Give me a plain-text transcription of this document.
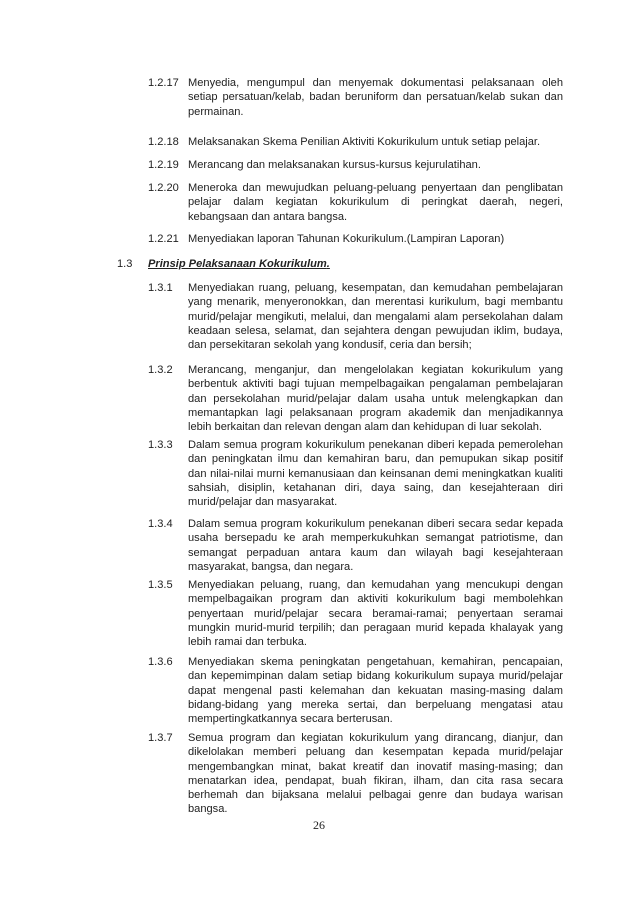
1.2.17 Menyedia, mengumpul dan menyemak dokumentasi pelaksanaan oleh setiap persatuan/kelab, badan beruniform dan persatuan/kelab sukan dan permainan.
1.2.18 Melaksanakan Skema Penilian Aktiviti Kokurikulum untuk setiap pelajar.
1.2.19 Merancang dan melaksanakan kursus-kursus kejurulatihan.
1.2.20 Meneroka dan mewujudkan peluang-peluang penyertaan dan penglibatan pelajar dalam kegiatan kokurikulum di peringkat daerah, negeri, kebangsaan dan antara bangsa.
1.2.21 Menyediakan laporan Tahunan Kokurikulum.(Lampiran Laporan)
1.3 Prinsip Pelaksanaan Kokurikulum.
1.3.1 Menyediakan ruang, peluang, kesempatan, dan kemudahan pembelajaran yang menarik, menyeronokkan, dan merentasi kurikulum, bagi membantu murid/pelajar mengikuti, melalui, dan mengalami alam persekolahan dalam keadaan selesa, selamat, dan sejahtera dengan pewujudan iklim, budaya, dan persekitaran sekolah yang kondusif, ceria dan bersih;
1.3.2 Merancang, menganjur, dan mengelolakan kegiatan kokurikulum yang berbentuk aktiviti bagi tujuan mempelbagaikan pengalaman pembelajaran dan persekolahan murid/pelajar dalam usaha untuk melengkapkan dan memantapkan lagi pelaksanaan program akademik dan menjadikannya lebih berkaitan dan relevan dengan alam dan kehidupan di luar sekolah.
1.3.3 Dalam semua program kokurikulum penekanan diberi kepada pemerolehan dan peningkatan ilmu dan kemahiran baru, dan pemupukan sikap positif dan nilai-nilai murni kemanusiaan dan keinsanan demi meningkatkan kualiti sahsiah, disiplin, ketahanan diri, daya saing, dan kesejahteraan diri murid/pelajar dan masyarakat.
1.3.4 Dalam semua program kokurikulum penekanan diberi secara sedar kepada usaha bersepadu ke arah memperkukuhkan semangat patriotisme, dan semangat perpaduan antara kaum dan wilayah bagi kesejahteraan masyarakat, bangsa, dan negara.
1.3.5 Menyediakan peluang, ruang, dan kemudahan yang mencukupi dengan mempelbagaikan program dan aktiviti kokurikulum bagi membolehkan penyertaan murid/pelajar secara beramai-ramai; penyertaan seramai mungkin murid-murid terpilih; dan peragaan murid kepada khalayak yang lebih ramai dan terbuka.
1.3.6 Menyediakan skema peningkatan pengetahuan, kemahiran, pencapaian, dan kepemimpinan dalam setiap bidang kokurikulum supaya murid/pelajar dapat mengenal pasti kelemahan dan kekuatan masing-masing dalam bidang-bidang yang mereka sertai, dan berpeluang mengatasi atau mempertingkatkannya secara berterusan.
1.3.7 Semua program dan kegiatan kokurikulum yang dirancang, dianjur, dan dikelolakan memberi peluang dan kesempatan kepada murid/pelajar mengembangkan minat, bakat kreatif dan inovatif masing-masing; dan menatarkan idea, pendapat, buah fikiran, ilham, dan cita rasa secara berhemah dan bijaksana melalui pelbagai genre dan budaya warisan bangsa.
26
